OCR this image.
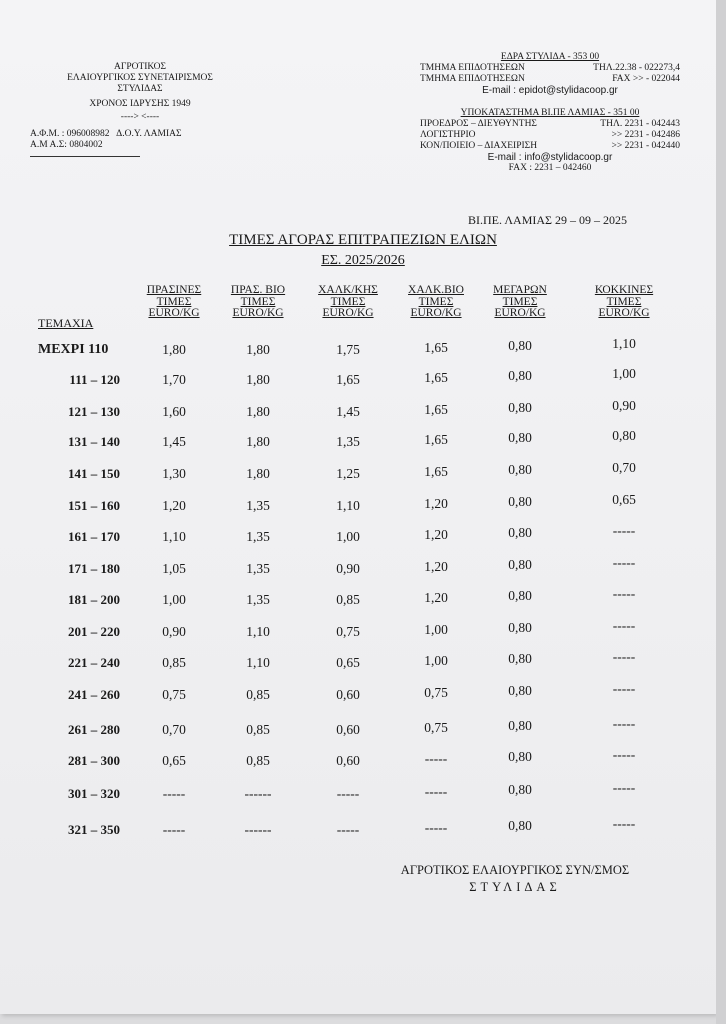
ΑΓΡΟΤΙΚΟΣ
ΕΛΑΙΟΥΡΓΙΚΟΣ ΣΥΝΕΤΑΙΡΙΣΜΟΣ
ΣΤΥΛΙΔΑΣ
ΧΡΟΝΟΣ ΙΔΡΥΣΗΣ 1949
----> <----
Α.Φ.Μ. : 096008982   Δ.Ο.Υ. ΛΑΜΙΑΣ
Α.Μ Α.Σ: 0804002
ΕΔΡΑ ΣΤΥΛΙΔΑ - 353 00
ΤΜΗΜΑ ΕΠΙΔΟΤΗΣΕΩΝ	ΤΗΛ.22.38 - 022273,4
ΤΜΗΜΑ ΕΠΙΔΟΤΗΣΕΩΝ	FAX >> - 022044
E-mail : epidot@stylidacoop.gr
ΥΠΟΚΑΤΑΣΤΗΜΑ ΒΙ.ΠΕ ΛΑΜΙΑΣ - 351 00
ΠΡΟΕΔΡΟΣ – ΔΙΕΥΘΥΝΤΗΣ	ΤΗΛ. 2231 - 042443
ΛΟΓΙΣΤΗΡΙΟ	>> 2231 - 042486
ΚΟΝ/ΠΟΙΕΙΟ – ΔΙΑΧΕΙΡΙΣΗ	>> 2231 - 042440
E-mail : info@stylidacoop.gr
FAX : 2231 – 042460
ΒΙ.ΠΕ. ΛΑΜΙΑΣ 29 – 09 – 2025
ΤΙΜΕΣ ΑΓΟΡΑΣ ΕΠΙΤΡΑΠΕΖΙΩΝ ΕΛΙΩΝ
ΕΣ. 2025/2026
ΤΕΜΑΧΙΑ
ΠΡΑΣΙΝΕΣ
ΤΙΜΕΣ
EURO/KG
ΠΡΑΣ. ΒΙΟ
ΤΙΜΕΣ
EURO/KG
ΧΑΛΚ/ΚΗΣ
ΤΙΜΕΣ
EURO/KG
ΧΑΛΚ.ΒΙΟ
ΤΙΜΕΣ
EURO/KG
ΜΕΓΑΡΩΝ
ΤΙΜΕΣ
EURO/KG
ΚΟΚΚΙΝΕΣ
ΤΙΜΕΣ
EURO/KG
ΜΕΧΡΙ 110	1,80	1,80	1,75	1,65	0,80	1,10
111 – 120	1,70	1,80	1,65	1,65	0,80	1,00
121 – 130	1,60	1,80	1,45	1,65	0,80	0,90
131 – 140	1,45	1,80	1,35	1,65	0,80	0,80
141 – 150	1,30	1,80	1,25	1,65	0,80	0,70
151 – 160	1,20	1,35	1,10	1,20	0,80	0,65
161 – 170	1,10	1,35	1,00	1,20	0,80	-----
171 – 180	1,05	1,35	0,90	1,20	0,80	-----
181 – 200	1,00	1,35	0,85	1,20	0,80	-----
201 – 220	0,90	1,10	0,75	1,00	0,80	-----
221 – 240	0,85	1,10	0,65	1,00	0,80	-----
241 – 260	0,75	0,85	0,60	0,75	0,80	-----
261 – 280	0,70	0,85	0,60	0,75	0,80	-----
281 – 300	0,65	0,85	0,60	-----	0,80	-----
301 – 320	-----	------	-----	-----	0,80	-----
321 – 350	-----	------	-----	-----	0,80	-----
ΑΓΡΟΤΙΚΟΣ ΕΛΑΙΟΥΡΓΙΚΟΣ ΣΥΝ/ΣΜΟΣ
ΣΤΥΛΙΔΑΣ
